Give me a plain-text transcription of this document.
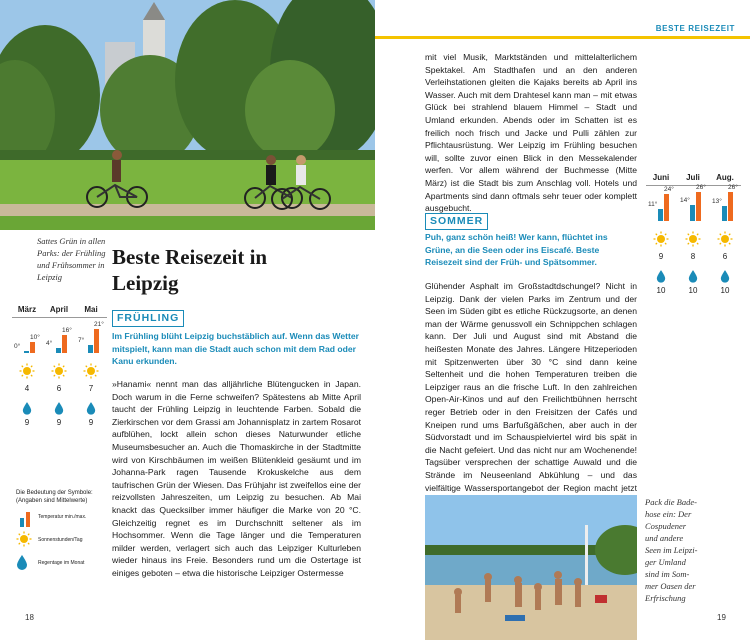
Sattes Grün in allen
Parks: der Frühling
und Frühsommer in
Leipzig
Beste Reisezeit in
Leipzig
FRÜHLING
Im Frühling blüht Leipzig buchstäblich auf. Wenn das Wetter mitspielt, kann man die Stadt auch schon mit dem Rad oder Kanu erkunden.
»Hanami« nennt man das alljährliche Blütengucken in Japan. Doch warum in die Ferne schweifen? Spätestens ab Mitte April taucht der Frühling Leipzig in leuchtende Farben. Sobald die Zierkirschen vor dem Grassi am Johannisplatz in zartem Rosarot aufblühen, lockt allein schon dieses Naturwunder etliche Museumsbesucher an. Auch die Thomaskirche in der Stadtmitte wird von Kirschbäumen im weißen Blütenkleid gesäumt und im Johanna-Park ragen Tausende Krokuskelche aus dem taufrischen Grün der Wiesen. Das Frühjahr ist zweifellos eine der reizvollsten Jahreszeiten, um Leipzig zu besuchen. Ab Mai knackt das Quecksilber immer häufiger die Marke von 20 °C. Gleichzeitig regnet es im Durchschnitt seltener als im Hochsommer. Wenn die Tage länger und die Temperaturen milder werden, verlagert sich auch das Leipziger Kulturleben wieder hinaus ins Freie. Besonders rund um die Ostertage ist einiges geboten – etwa die historische Leipziger Ostermesse
März
0°
10°
4
9
April
4°
16°
6
9
Mai
7°
21°
7
9
Die Bedeutung der Symbole: (Angaben sind Mittelwerte)
Temperatur min./max.
Sonnenstunden/Tag
Regentage im Monat
18
BESTE REISEZEIT
mit viel Musik, Marktständen und mittelalterlichem Spektakel. Am Stadthafen und an den anderen Verleihstationen gleiten die Kajaks bereits ab April ins Wasser. Auch mit dem Drahtesel kann man – mit etwas Glück bei strahlend blauem Himmel – Stadt und Umland erkunden. Abends oder im Schatten ist es freilich noch frisch und Jacke und Pulli zählen zur Pflichtausrüstung. Wer Leipzig im Frühling besuchen will, sollte zuvor einen Blick in den Messekalender werfen. Vor allem während der Buchmesse (Mitte März) ist die Stadt bis zum Anschlag voll. Hotels und Apartments sind dann oftmals sehr teuer oder komplett ausgebucht.
SOMMER
Puh, ganz schön heiß! Wer kann, flüchtet ins Grüne, an die Seen oder ins Eiscafé. Beste Reisezeit sind der Früh- und Spätsommer.
Glühender Asphalt im Großstadtdschungel? Nicht in Leipzig. Dank der vielen Parks im Zentrum und der Seen im Süden gibt es etliche Rückzugsorte, an denen man der Wärme genussvoll ein Schnippchen schlagen kann. Der Juli und August sind mit Abstand die heißesten Monate des Jahres. Längere Hitzeperioden mit Spitzenwerten über 30 °C sind dann keine Seltenheit und die hohen Temperaturen treiben die Leipziger raus an die frische Luft. In den zahlreichen Open-Air-Kinos und auf den Freilichtbühnen herrscht reger Betrieb oder in den Freisitzen der Cafés und Kneipen rund ums Barfußgäßchen, aber auch in der Südvorstadt und im Schauspielviertel wird bis spät in die Nacht gefeiert. Und das nicht nur am Wochenende! Tagsüber versprechen der schattige Auwald und die Strände im Neuseenland Abkühlung – und das vielfältige Wassersportangebot der Region macht jetzt
Juni
11°
24°
9
10
Juli
14°
26°
8
10
Aug.
13°
26°
6
10
Pack die Bade-
hose ein: Der
Cospudener
und andere
Seen im Leipzi-
ger Umland
sind im Som-
mer Oasen der
Erfrischung
19
